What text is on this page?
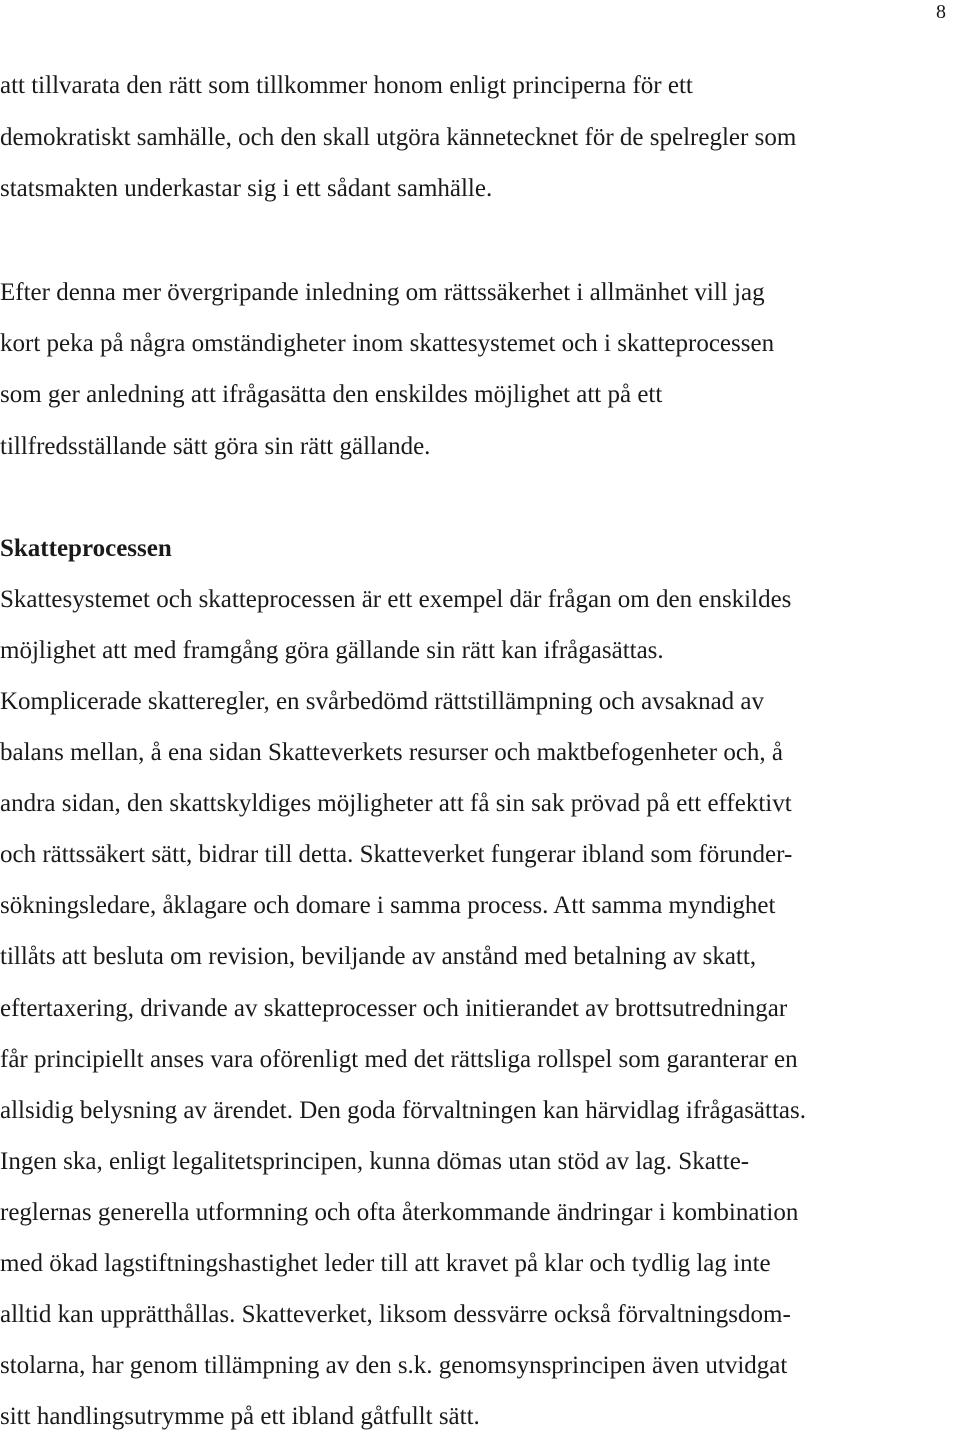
8
att tillvarata den rätt som tillkommer honom enligt principerna för ett
demokratiskt samhälle, och den skall utgöra kännetecknet för de spelregler som
statsmakten underkastar sig i ett sådant samhälle.
Efter denna mer övergripande inledning om rättssäkerhet i allmänhet vill jag
kort peka på några omständigheter inom skattesystemet och i skatteprocessen
som ger anledning att ifrågasätta den enskildes möjlighet att på ett
tillfredsställande sätt göra sin rätt gällande.
Skatteprocessen
Skattesystemet och skatteprocessen är ett exempel där frågan om den enskildes
möjlighet att med framgång göra gällande sin rätt kan ifrågasättas.
Komplicerade skatteregler, en svårbedömd rättstillämpning och avsaknad av
balans mellan, å ena sidan Skatteverkets resurser och maktbefogenheter och, å
andra sidan, den skattskyldiges möjligheter att få sin sak prövad på ett effektivt
och rättssäkert sätt, bidrar till detta. Skatteverket fungerar ibland som förunder-
sökningsledare, åklagare och domare i samma process. Att samma myndighet
tillåts att besluta om revision, beviljande av anstånd med betalning av skatt,
eftertaxering, drivande av skatteprocesser och initierandet av brottsutredningar
får principiellt anses vara oförenligt med det rättsliga rollspel som garanterar en
allsidig belysning av ärendet. Den goda förvaltningen kan härvidlag ifrågasättas.
Ingen ska, enligt legalitetsprincipen, kunna dömas utan stöd av lag. Skatte-
reglernas generella utformning och ofta återkommande ändringar i kombination
med ökad lagstiftningshastighet leder till att kravet på klar och tydlig lag inte
alltid kan upprätthållas. Skatteverket, liksom dessvärre också förvaltningsdom-
stolarna, har genom tillämpning av den s.k. genomsynsprincipen även utvidgat
sitt handlingsutrymme på ett ibland gåtfullt sätt.
